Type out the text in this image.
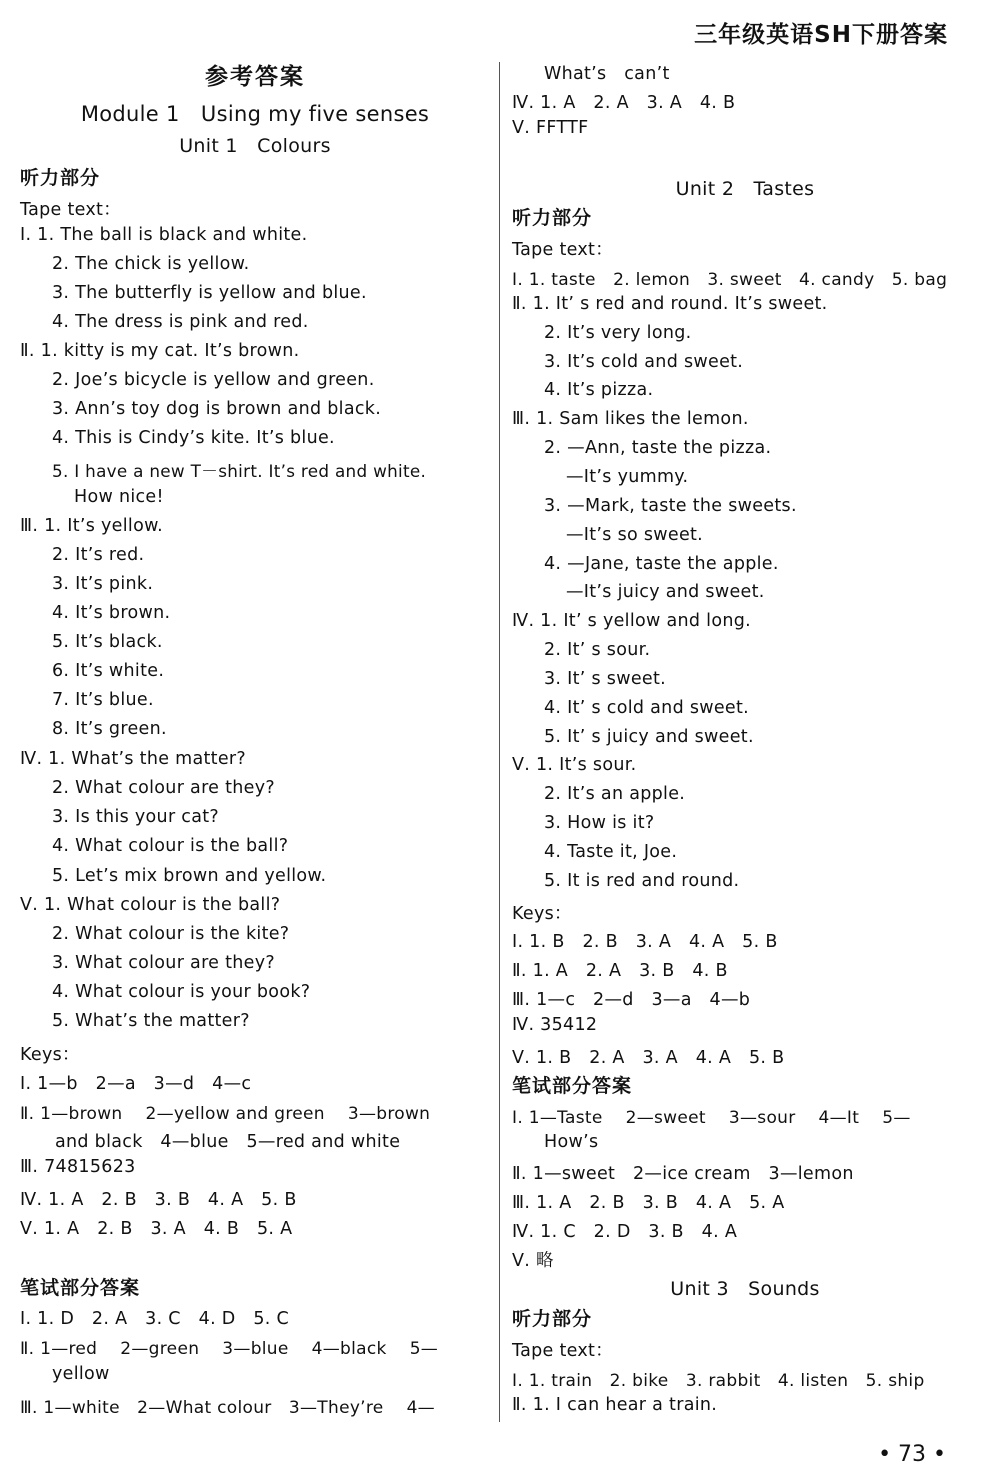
三年级英语SH下册答案
参考答案
Module 1　Using my five senses
Unit 1　Colours
听力部分
Tape text：
Ⅰ. 1. The ball is black and white.
2. The chick is yellow.
3. The butterfly is yellow and blue.
4. The dress is pink and red.
Ⅱ. 1. kitty is my cat. It’s brown.
2. Joe’s bicycle is yellow and green.
3. Ann’s toy dog is brown and black.
4. This is Cindy’s kite. It’s blue.
5. I have a new T－shirt. It’s red and white.
How nice!
Ⅲ. 1. It’s yellow.
2. It’s red.
3. It’s pink.
4. It’s brown.
5. It’s black.
6. It’s white.
7. It’s blue.
8. It’s green.
Ⅳ. 1. What’s the matter?
2. What colour are they?
3. Is this your cat?
4. What colour is the ball?
5. Let’s mix brown and yellow.
Ⅴ. 1. What colour is the ball?
2. What colour is the kite?
3. What colour are they?
4. What colour is your book?
5. What’s the matter?
Keys：
Ⅰ. 1—b　2—a　3—d　4—c
Ⅱ. 1—brown　 2—yellow and green　 3—brown
and black　4—blue　5—red and white
Ⅲ. 74815623
Ⅳ. 1. A　2. B　3. B　4. A　5. B
Ⅴ. 1. A　2. B　3. A　4. B　5. A
笔试部分答案
Ⅰ. 1. D　2. A　3. C　4. D　5. C
Ⅱ. 1—red　 2—green　 3—blue　 4—black　 5—
yellow
Ⅲ. 1—white　2—What colour　3—They’re　 4—
What’s　can’t
Ⅳ. 1. A　2. A　3. A　4. B
Ⅴ. FFTTF
Unit 2　Tastes
听力部分
Tape text：
Ⅰ. 1. taste　2. lemon　3. sweet　4. candy　5. bag
Ⅱ. 1. It’ s red and round. It’s sweet.
2. It’s very long.
3. It’s cold and sweet.
4. It’s pizza.
Ⅲ. 1. Sam likes the lemon.
2. —Ann, taste the pizza.
—It’s yummy.
3. —Mark, taste the sweets.
—It’s so sweet.
4. —Jane, taste the apple.
—It’s juicy and sweet.
Ⅳ. 1. It’ s yellow and long.
2. It’ s sour.
3. It’ s sweet.
4. It’ s cold and sweet.
5. It’ s juicy and sweet.
Ⅴ. 1. It’s sour.
2. It’s an apple.
3. How is it?
4. Taste it, Joe.
5. It is red and round.
Keys：
Ⅰ. 1. B　2. B　3. A　4. A　5. B
Ⅱ. 1. A　2. A　3. B　4. B
Ⅲ. 1—c　2—d　3—a　4—b
Ⅳ. 35412
Ⅴ. 1. B　2. A　3. A　4. A　5. B
笔试部分答案
Ⅰ. 1—Taste　 2—sweet　 3—sour　 4—It　 5—
How’s
Ⅱ. 1—sweet　2—ice cream　3—lemon
Ⅲ. 1. A　2. B　3. B　4. A　5. A
Ⅳ. 1. C　2. D　3. B　4. A
Ⅴ. 略
Unit 3　Sounds
听力部分
Tape text：
Ⅰ. 1. train　2. bike　3. rabbit　4. listen　5. ship
Ⅱ. 1. I can hear a train.
• 73 •
